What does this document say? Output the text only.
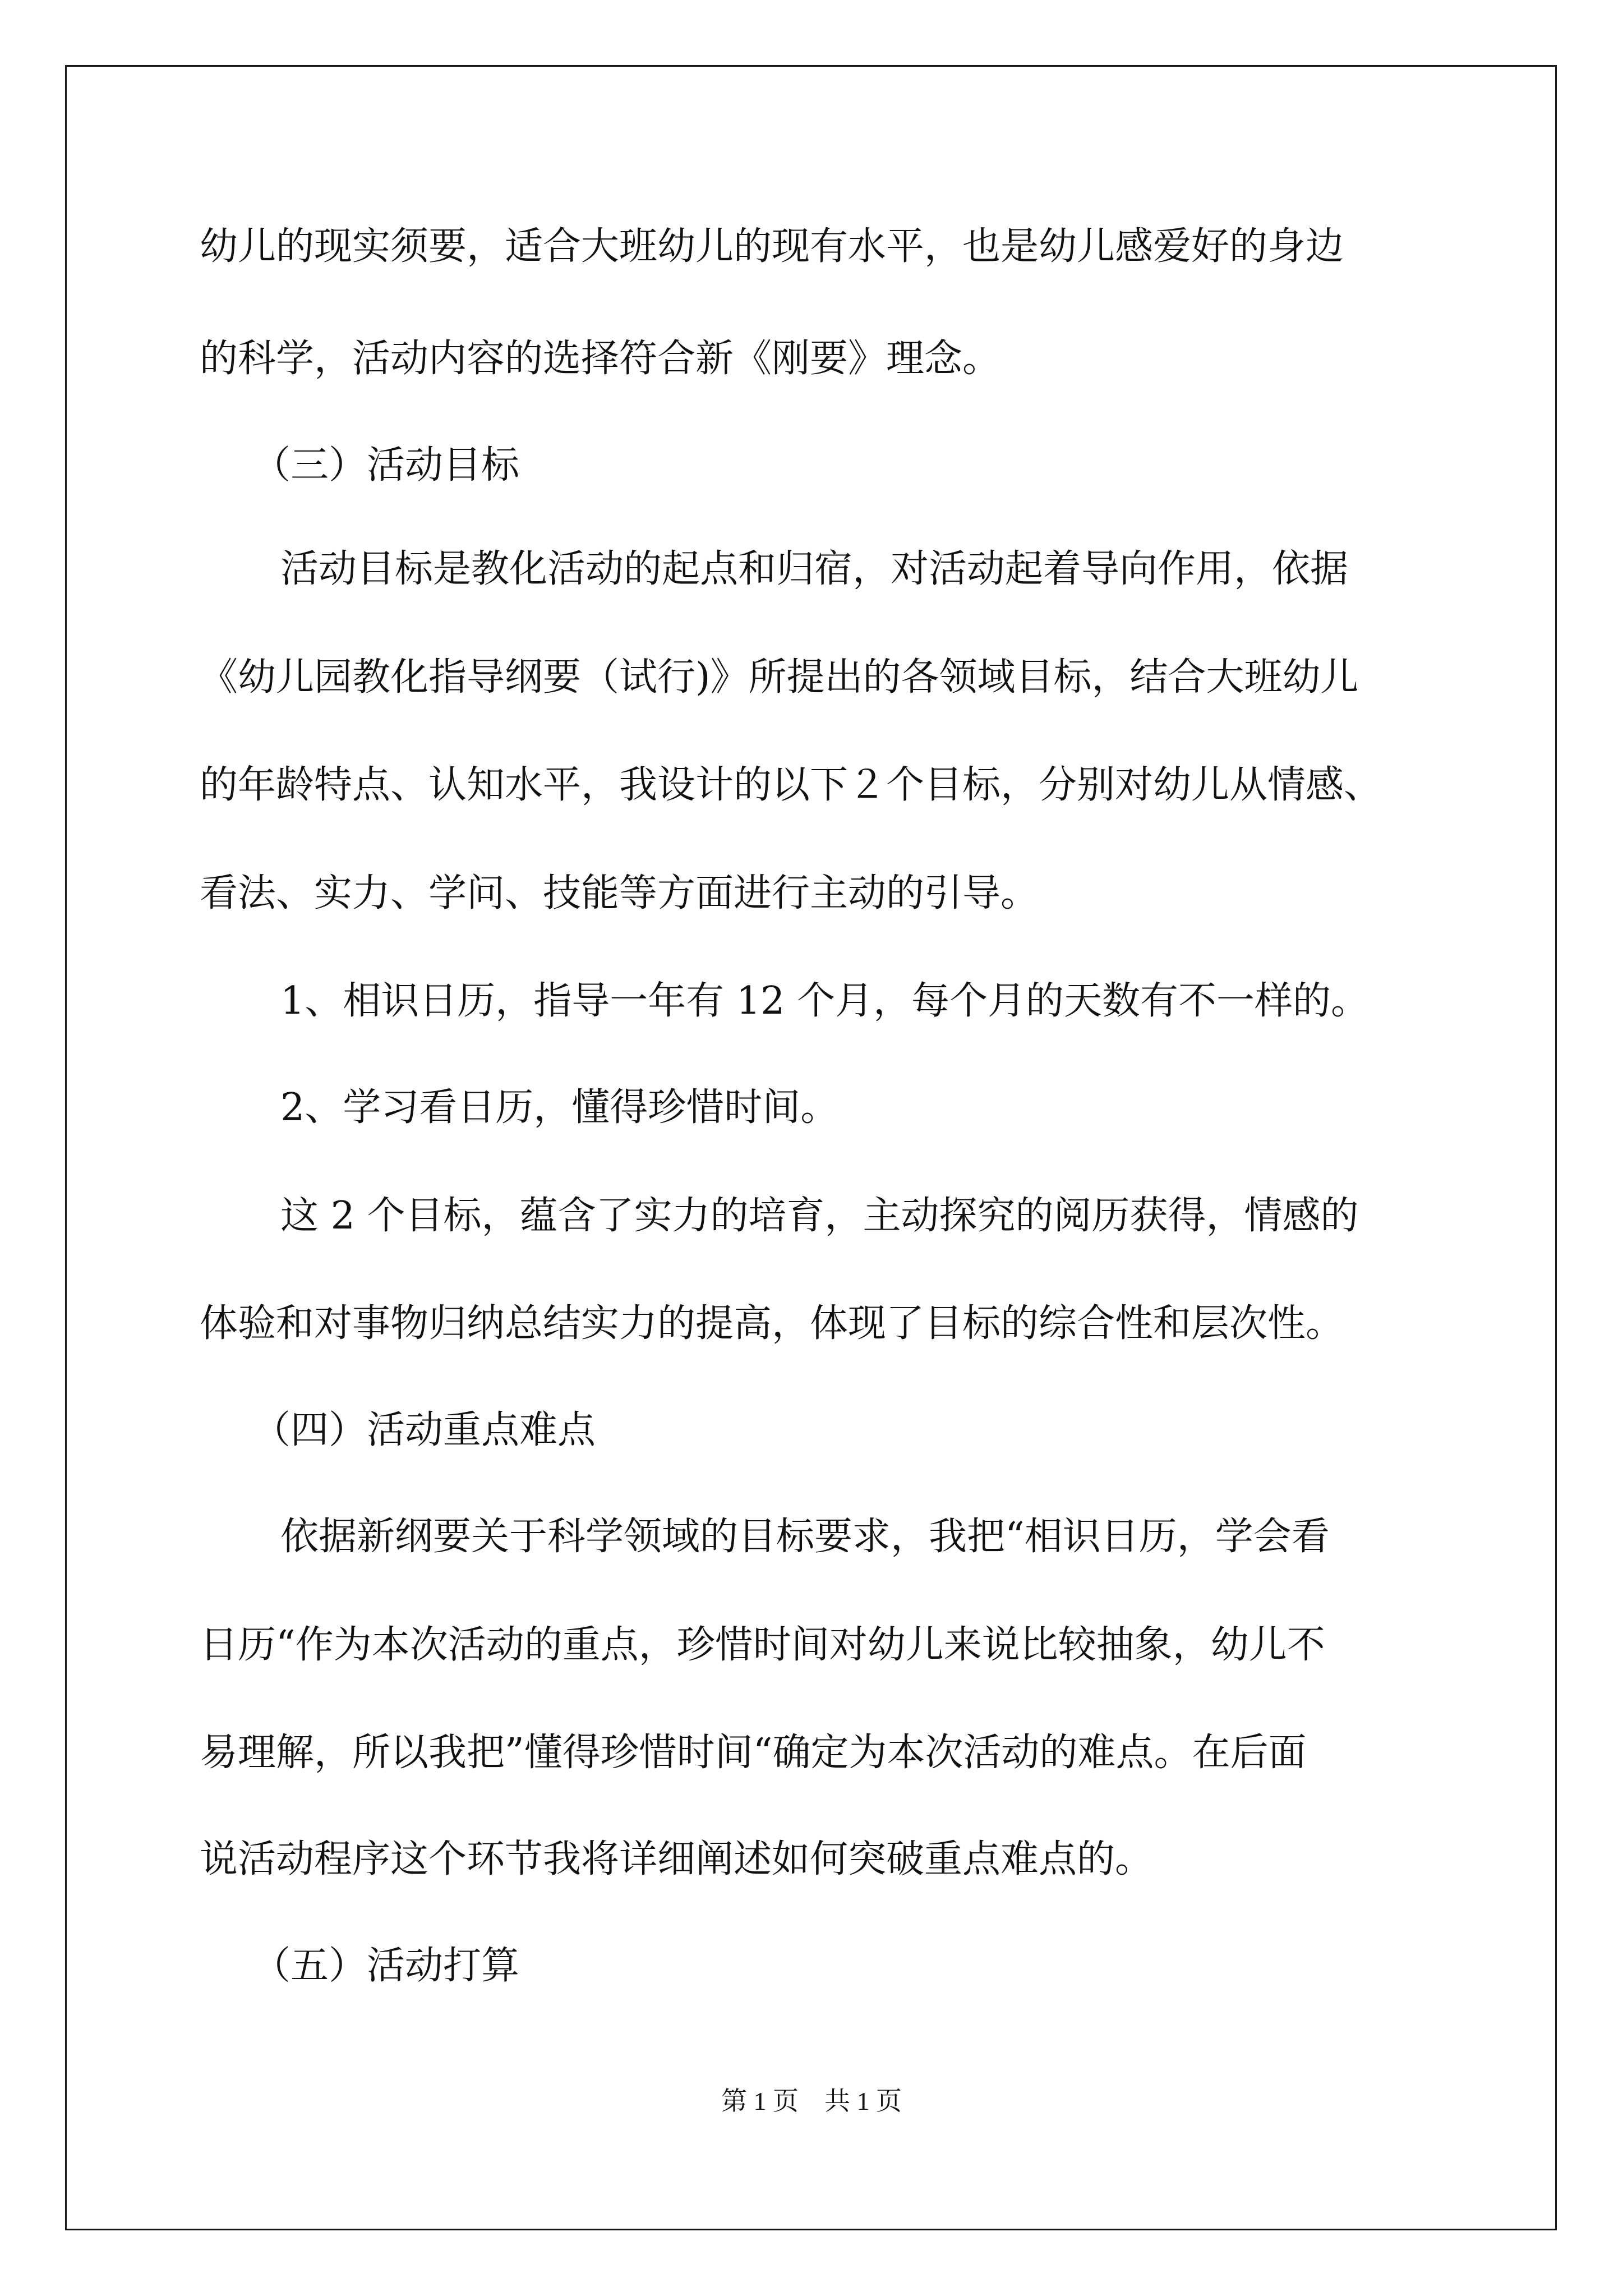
幼儿的现实须要，适合大班幼儿的现有水平，也是幼儿感爱好的身边
的科学，活动内容的选择符合新《刚要》理念。
（三）活动目标
活动目标是教化活动的起点和归宿，对活动起着导向作用，依据
《幼儿园教化指导纲要（试行)》所提出的各领域目标，结合大班幼儿
的年龄特点、认知水平，我设计的以下２个目标，分别对幼儿从情感、
看法、实力、学问、技能等方面进行主动的引导。
1、相识日历，指导一年有 12 个月，每个月的天数有不一样的。
2、学习看日历，懂得珍惜时间。
这 2 个目标，蕴含了实力的培育，主动探究的阅历获得，情感的
体验和对事物归纳总结实力的提高，体现了目标的综合性和层次性。
（四）活动重点难点
依据新纲要关于科学领域的目标要求，我把“相识日历，学会看
日历“作为本次活动的重点，珍惜时间对幼儿来说比较抽象，幼儿不
易理解，所以我把”懂得珍惜时间“确定为本次活动的难点。在后面
说活动程序这个环节我将详细阐述如何突破重点难点的。
（五）活动打算
第 1 页　共 1 页
